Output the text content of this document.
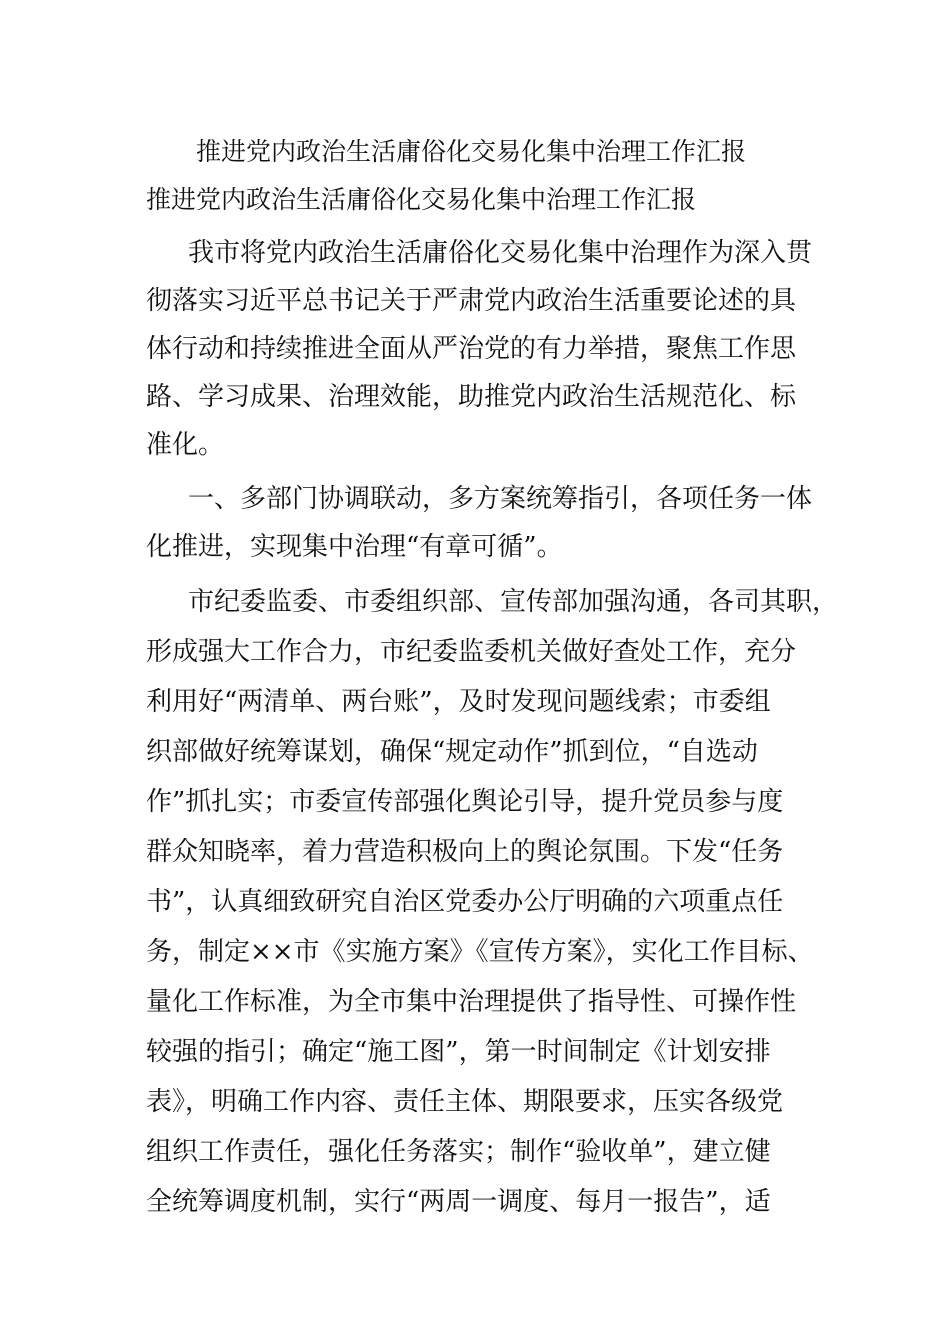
推进党内政治生活庸俗化交易化集中治理工作汇报
推进党内政治生活庸俗化交易化集中治理工作汇报
我市将党内政治生活庸俗化交易化集中治理作为深入贯
彻落实习近平总书记关于严肃党内政治生活重要论述的具
体行动和持续推进全面从严治党的有力举措，聚焦工作思
路、学习成果、治理效能，助推党内政治生活规范化、标
准化。
一、多部门协调联动，多方案统筹指引，各项任务一体
化推进，实现集中治理“有章可循”。
市纪委监委、市委组织部、宣传部加强沟通，各司其职，
形成强大工作合力，市纪委监委机关做好查处工作，充分
利用好“两清单、两台账”，及时发现问题线索；市委组
织部做好统筹谋划，确保“规定动作”抓到位，“自选动
作”抓扎实；市委宣传部强化舆论引导，提升党员参与度
群众知晓率，着力营造积极向上的舆论氛围。下发“任务
书”，认真细致研究自治区党委办公厅明确的六项重点任
务，制定××市《实施方案》《宣传方案》，实化工作目标、
量化工作标准，为全市集中治理提供了指导性、可操作性
较强的指引；确定“施工图”，第一时间制定《计划安排
表》，明确工作内容、责任主体、期限要求，压实各级党
组织工作责任，强化任务落实；制作“验收单”，建立健
全统筹调度机制，实行“两周一调度、每月一报告”，适
